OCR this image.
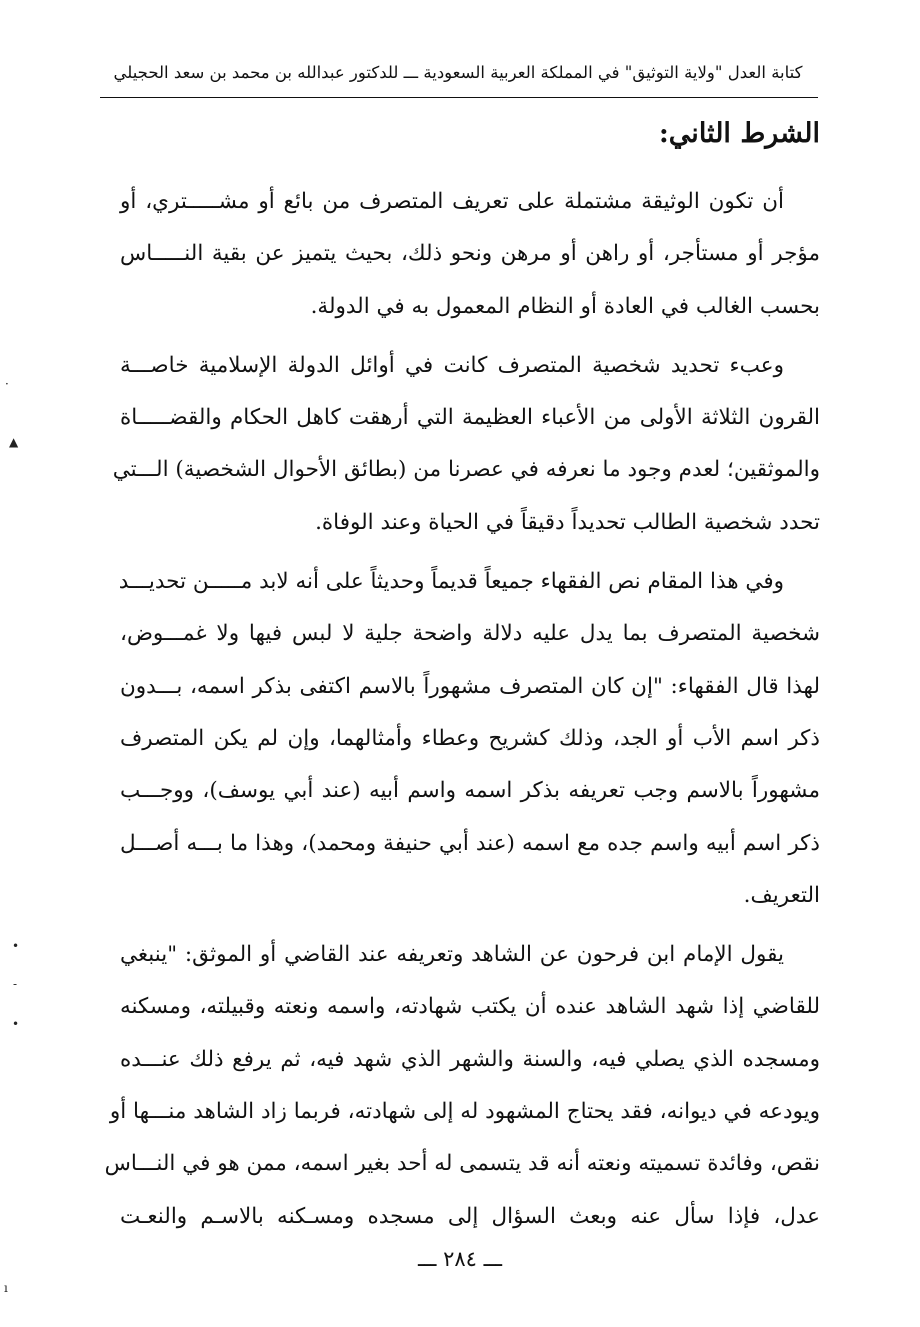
كتابة العدل "ولاية التوثيق" في المملكة العربية السعودية ـــ للدكتور عبدالله بن محمد بن سعد الحجيلي
الشرط الثاني:
أن تكون الوثيقة مشتملة على تعريف المتصرف من بائع أو مشـــــتري، أو
مؤجر أو مستأجر، أو راهن أو مرهن ونحو ذلك، بحيث يتميز عن بقية النـــــاس
بحسب الغالب في العادة أو النظام المعمول به في الدولة.
وعبء تحديد شخصية المتصرف كانت في أوائل الدولة الإسلامية خاصـــة
القرون الثلاثة الأولى من الأعباء العظيمة التي أرهقت كاهل الحكام والقضـــــاة
والموثقين؛ لعدم وجود ما نعرفه في عصرنا من (بطائق الأحوال الشخصية) الـــتي
تحدد شخصية الطالب تحديداً دقيقاً في الحياة وعند الوفاة.
وفي هذا المقام نص الفقهاء جميعاً قديماً وحديثاً على أنه لابد مـــــن تحديـــد
شخصية المتصرف بما يدل عليه دلالة واضحة جلية لا لبس فيها ولا غمـــوض،
لهذا قال الفقهاء: "إن كان المتصرف مشهوراً بالاسم اكتفى بذكر اسمه، بـــدون
ذكر اسم الأب أو الجد، وذلك كشريح وعطاء وأمثالهما، وإن لم يكن المتصرف
مشهوراً بالاسم وجب تعريفه بذكر اسمه واسم أبيه (عند أبي يوسف)، ووجـــب
ذكر اسم أبيه واسم جده مع اسمه (عند أبي حنيفة ومحمد)، وهذا ما بـــه أصـــل
التعريف.
يقول الإمام ابن فرحون عن الشاهد وتعريفه عند القاضي أو الموثق: "ينبغي
للقاضي إذا شهد الشاهد عنده أن يكتب شهادته، واسمه ونعته وقبيلته، ومسكنه
ومسجده الذي يصلي فيه، والسنة والشهر الذي شهد فيه، ثم يرفع ذلك عنـــده
ويودعه في ديوانه، فقد يحتاج المشهود له إلى شهادته، فربما زاد الشاهد منـــها أو
نقص، وفائدة تسميته ونعته أنه قد يتسمى له أحد بغير اسمه، ممن هو في النـــاس
عدل، فإذا سأل عنه وبعث السؤال إلى مسجده ومسـكنه بالاسـم والنعـت
ـــ ٢٨٤ ـــ
·
▲
•
-
•
ı
